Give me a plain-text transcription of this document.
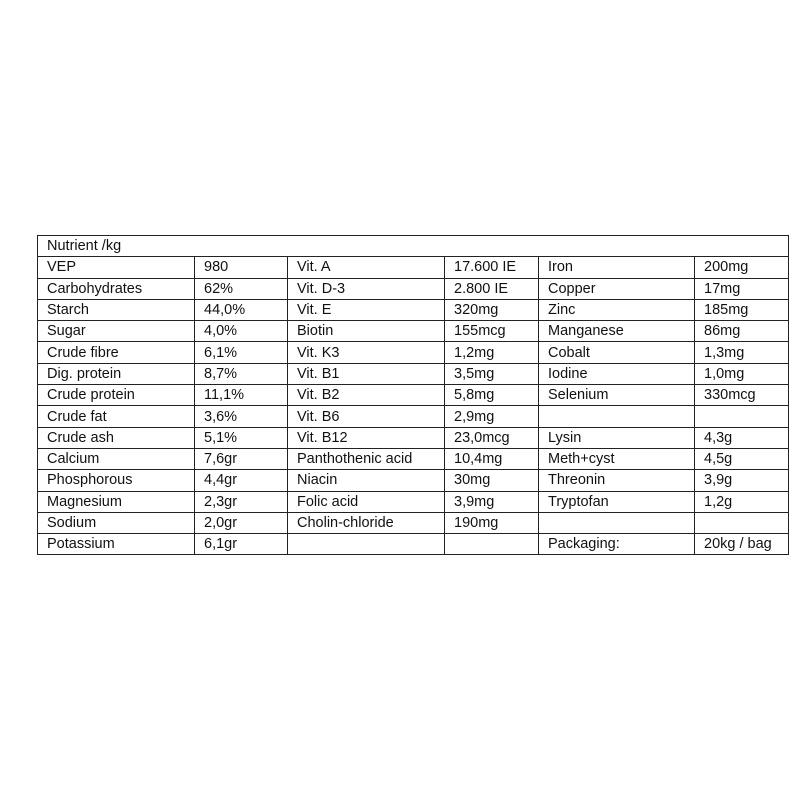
Nutrient /kg					
VEP	980	Vit. A	17.600 IE	Iron	200mg
Carbohydrates	62%	Vit. D-3	2.800 IE	Copper	17mg
Starch	44,0%	Vit. E	320mg	Zinc	185mg
Sugar	4,0%	Biotin	155mcg	Manganese	86mg
Crude fibre	6,1%	Vit. K3	1,2mg	Cobalt	1,3mg
Dig. protein	8,7%	Vit. B1	3,5mg	Iodine	1,0mg
Crude protein	11,1%	Vit. B2	5,8mg	Selenium	330mcg
Crude fat	3,6%	Vit. B6	2,9mg		
Crude ash	5,1%	Vit. B12	23,0mcg	Lysin	4,3g
Calcium	7,6gr	Panthothenic acid	10,4mg	Meth+cyst	4,5g
Phosphorous	4,4gr	Niacin	30mg	Threonin	3,9g
Magnesium	2,3gr	Folic acid	3,9mg	Tryptofan	1,2g
Sodium	2,0gr	Cholin-chloride	190mg		
Potassium	6,1gr			Packaging:	20kg / bag
